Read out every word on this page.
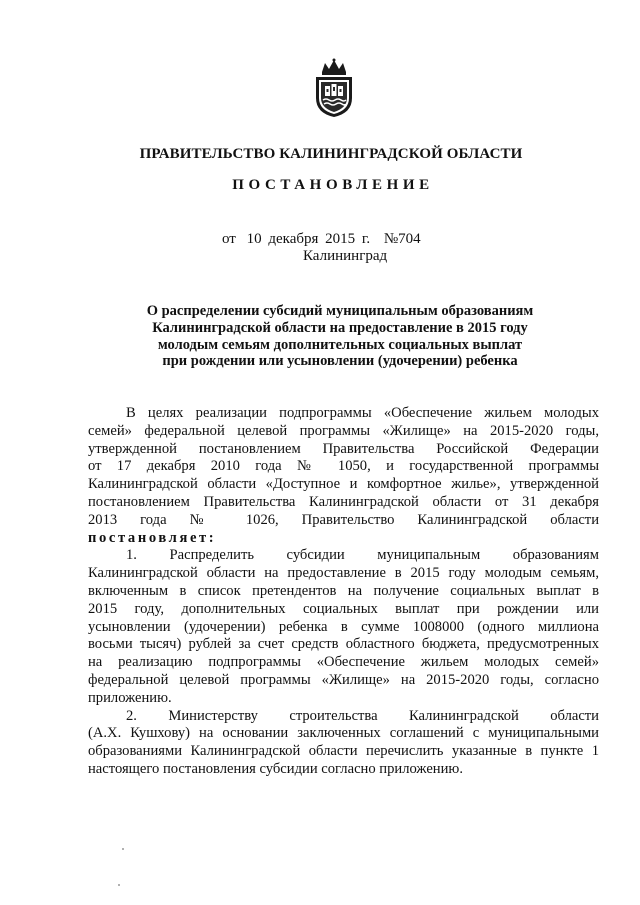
ПРАВИТЕЛЬСТВО КАЛИНИНГРАДСКОЙ ОБЛАСТИ
ПОСТАНОВЛЕНИЕ
от 10 декабря 2015 г. №704
Калининград
О распределении субсидий муниципальным образованиям
Калининградской области на предоставление в 2015 году
молодым семьям дополнительных социальных выплат
при рождении или усыновлении (удочерении) ребенка
В целях реализации подпрограммы «Обеспечение жильем молодых
семей» федеральной целевой программы «Жилище» на 2015-2020 годы,
утвержденной постановлением Правительства Российской Федерации
от 17 декабря 2010 года № 1050, и государственной программы
Калининградской области «Доступное и комфортное жилье», утвержденной
постановлением Правительства Калининградской области от 31 декабря
2013 года № 1026, Правительство Калининградской области
постановляет:
1. Распределить субсидии муниципальным образованиям
Калининградской области на предоставление в 2015 году молодым семьям,
включенным в список претендентов на получение социальных выплат в
2015 году, дополнительных социальных выплат при рождении или
усыновлении (удочерении) ребенка в сумме 1008000 (одного миллиона
восьми тысяч) рублей за счет средств областного бюджета, предусмотренных
на реализацию подпрограммы «Обеспечение жильем молодых семей»
федеральной целевой программы «Жилище» на 2015-2020 годы, согласно
приложению.
2. Министерству строительства Калининградской области
(А.Х. Кушхову) на основании заключенных соглашений с муниципальными
образованиями Калининградской области перечислить указанные в пункте 1
настоящего постановления субсидии согласно приложению.
